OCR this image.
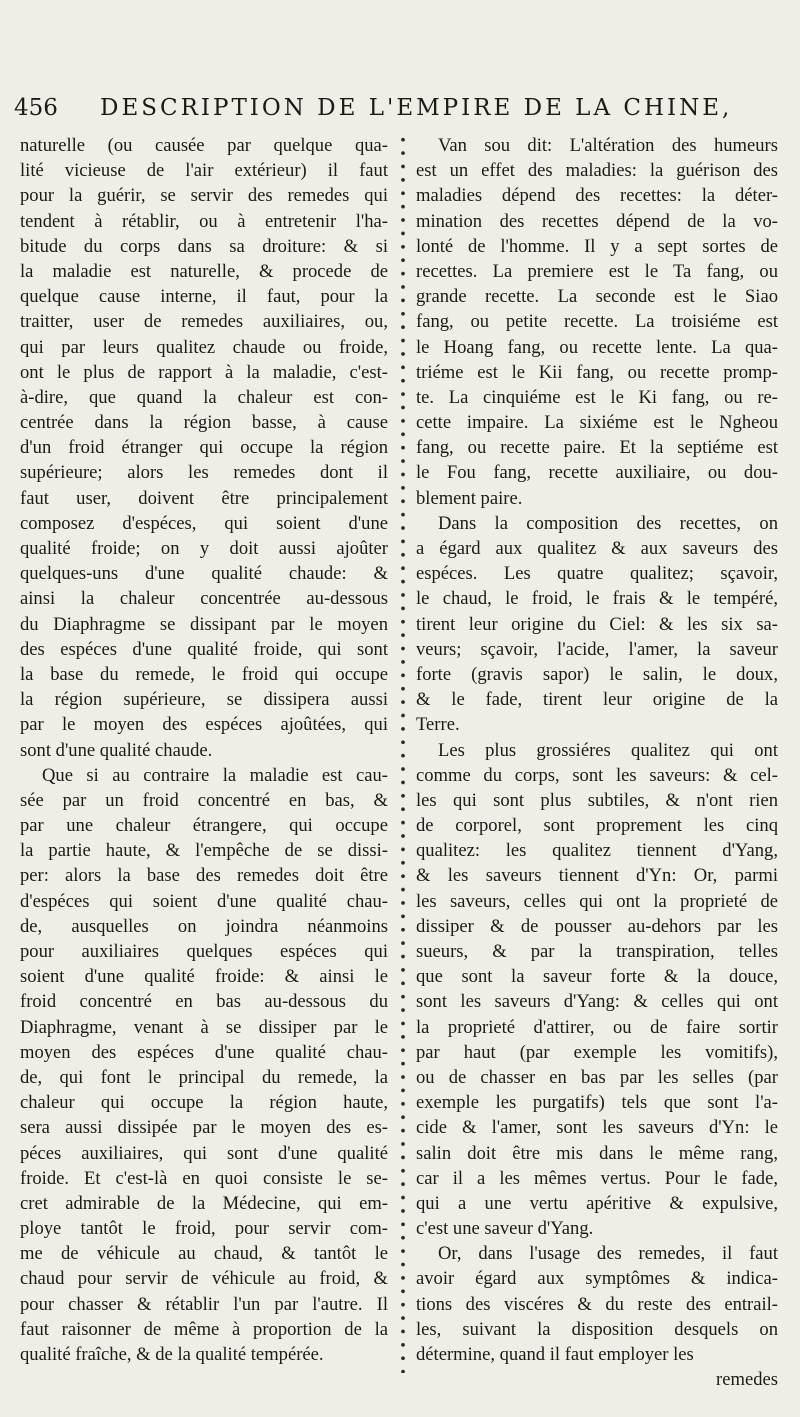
456 DESCRIPTION DE L'EMPIRE DE LA CHINE,
naturelle (ou causée par quelque qua-
lité vicieuse de l'air extérieur) il faut
pour la guérir, se servir des remedes qui
tendent à rétablir, ou à entretenir l'ha-
bitude du corps dans sa droiture: & si
la maladie est naturelle, & procede de
quelque cause interne, il faut, pour la
traitter, user de remedes auxiliaires, ou,
qui par leurs qualitez chaude ou froide,
ont le plus de rapport à la maladie, c'est-
à-dire, que quand la chaleur est con-
centrée dans la région basse, à cause
d'un froid étranger qui occupe la région
supérieure; alors les remedes dont il
faut user, doivent être principalement
composez d'espéces, qui soient d'une
qualité froide; on y doit aussi ajoûter
quelques-uns d'une qualité chaude: &
ainsi la chaleur concentrée au-dessous
du Diaphragme se dissipant par le moyen
des espéces d'une qualité froide, qui sont
la base du remede, le froid qui occupe
la région supérieure, se dissipera aussi
par le moyen des espéces ajoûtées, qui
sont d'une qualité chaude.
Que si au contraire la maladie est cau-
sée par un froid concentré en bas, &
par une chaleur étrangere, qui occupe
la partie haute, & l'empêche de se dissi-
per: alors la base des remedes doit être
d'espéces qui soient d'une qualité chau-
de, ausquelles on joindra néanmoins
pour auxiliaires quelques espéces qui
soient d'une qualité froide: & ainsi le
froid concentré en bas au-dessous du
Diaphragme, venant à se dissiper par le
moyen des espéces d'une qualité chau-
de, qui font le principal du remede, la
chaleur qui occupe la région haute,
sera aussi dissipée par le moyen des es-
péces auxiliaires, qui sont d'une qualité
froide. Et c'est-là en quoi consiste le se-
cret admirable de la Médecine, qui em-
ploye tantôt le froid, pour servir com-
me de véhicule au chaud, & tantôt le
chaud pour servir de véhicule au froid, &
pour chasser & rétablir l'un par l'autre. Il
faut raisonner de même à proportion de la
qualité fraîche, & de la qualité tempérée.
Van sou dit: L'altération des humeurs
est un effet des maladies: la guérison des
maladies dépend des recettes: la déter-
mination des recettes dépend de la vo-
lonté de l'homme. Il y a sept sortes de
recettes. La premiere est le Ta fang, ou
grande recette. La seconde est le Siao
fang, ou petite recette. La troisiéme est
le Hoang fang, ou recette lente. La qua-
triéme est le Kii fang, ou recette promp-
te. La cinquiéme est le Ki fang, ou re-
cette impaire. La sixiéme est le Ngheou
fang, ou recette paire. Et la septiéme est
le Fou fang, recette auxiliaire, ou dou-
blement paire.
Dans la composition des recettes, on
a égard aux qualitez & aux saveurs des
espéces. Les quatre qualitez; sçavoir,
le chaud, le froid, le frais & le tempéré,
tirent leur origine du Ciel: & les six sa-
veurs; sçavoir, l'acide, l'amer, la saveur
forte (gravis sapor) le salin, le doux,
& le fade, tirent leur origine de la
Terre.
Les plus grossiéres qualitez qui ont
comme du corps, sont les saveurs: & cel-
les qui sont plus subtiles, & n'ont rien
de corporel, sont proprement les cinq
qualitez: les qualitez tiennent d'Yang,
& les saveurs tiennent d'Yn: Or, parmi
les saveurs, celles qui ont la proprieté de
dissiper & de pousser au-dehors par les
sueurs, & par la transpiration, telles
que sont la saveur forte & la douce,
sont les saveurs d'Yang: & celles qui ont
la proprieté d'attirer, ou de faire sortir
par haut (par exemple les vomitifs),
ou de chasser en bas par les selles (par
exemple les purgatifs) tels que sont l'a-
cide & l'amer, sont les saveurs d'Yn: le
salin doit être mis dans le même rang,
car il a les mêmes vertus. Pour le fade,
qui a une vertu apéritive & expulsive,
c'est une saveur d'Yang.
Or, dans l'usage des remedes, il faut
avoir égard aux symptômes & indica-
tions des viscéres & du reste des entrail-
les, suivant la disposition desquels on
détermine, quand il faut employer les
remedes
